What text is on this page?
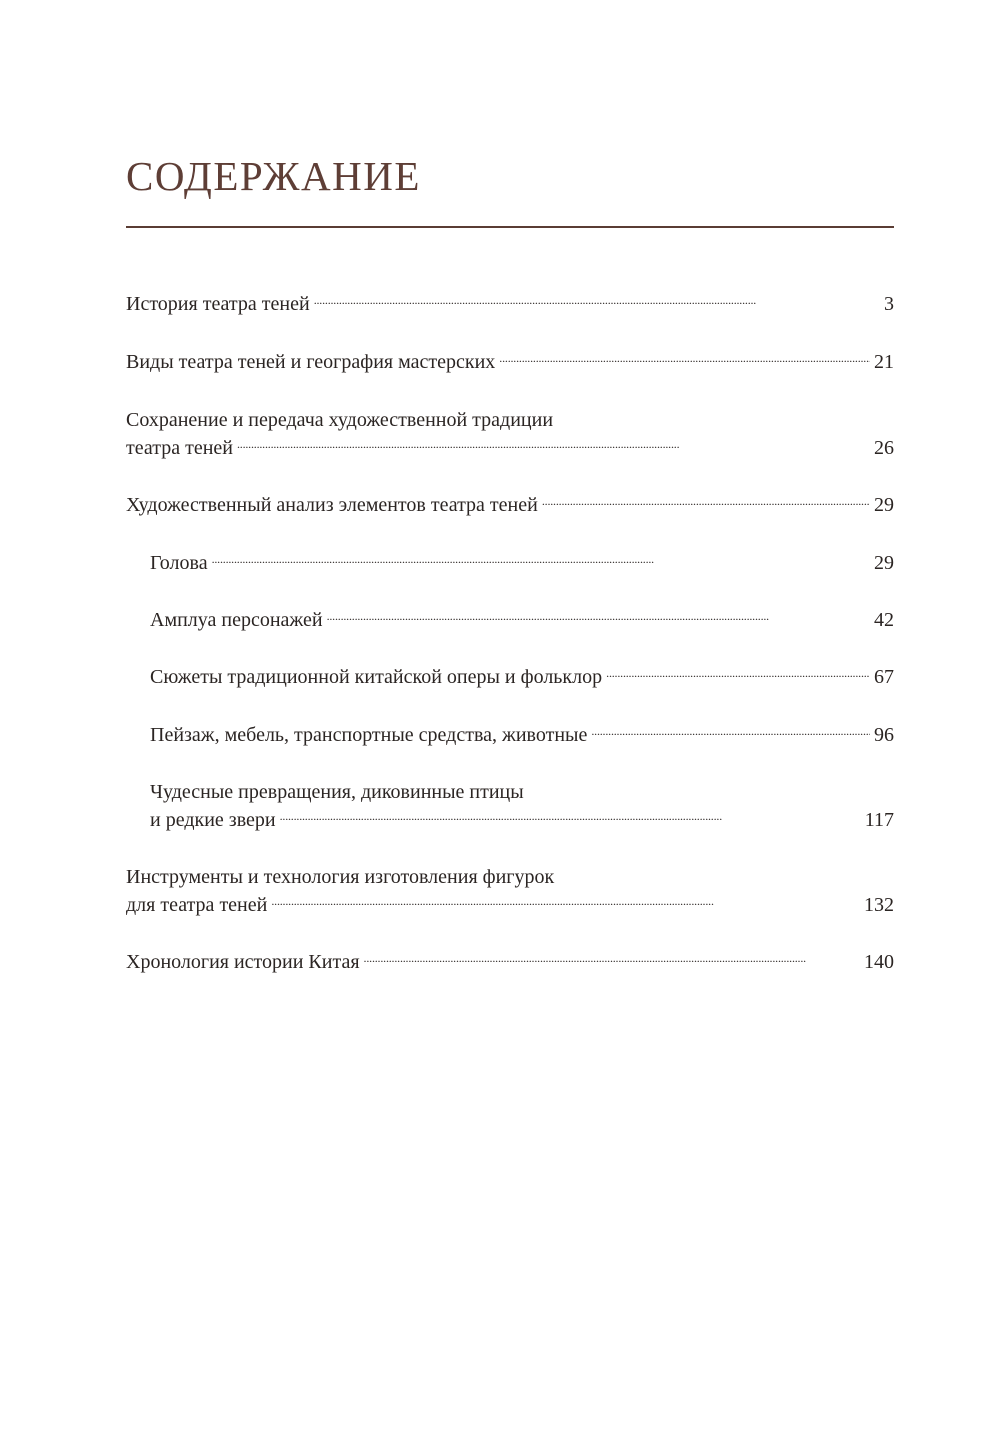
СОДЕРЖАНИЕ
История театра теней . . .	3
Виды театра теней и география мастерских . . .	21
Сохранение и передача художественной традиции
театра теней . . .	26
Художественный анализ элементов театра теней . . .	29
Голова . . .	29
Амплуа персонажей . . .	42
Сюжеты традиционной китайской оперы и фольклор . . .	67
Пейзаж, мебель, транспортные средства, животные . . .	96
Чудесные превращения, диковинные птицы
и редкие звери . . .	117
Инструменты и технология изготовления фигурок
для театра теней . . .	132
Хронология истории Китая . . .	140
